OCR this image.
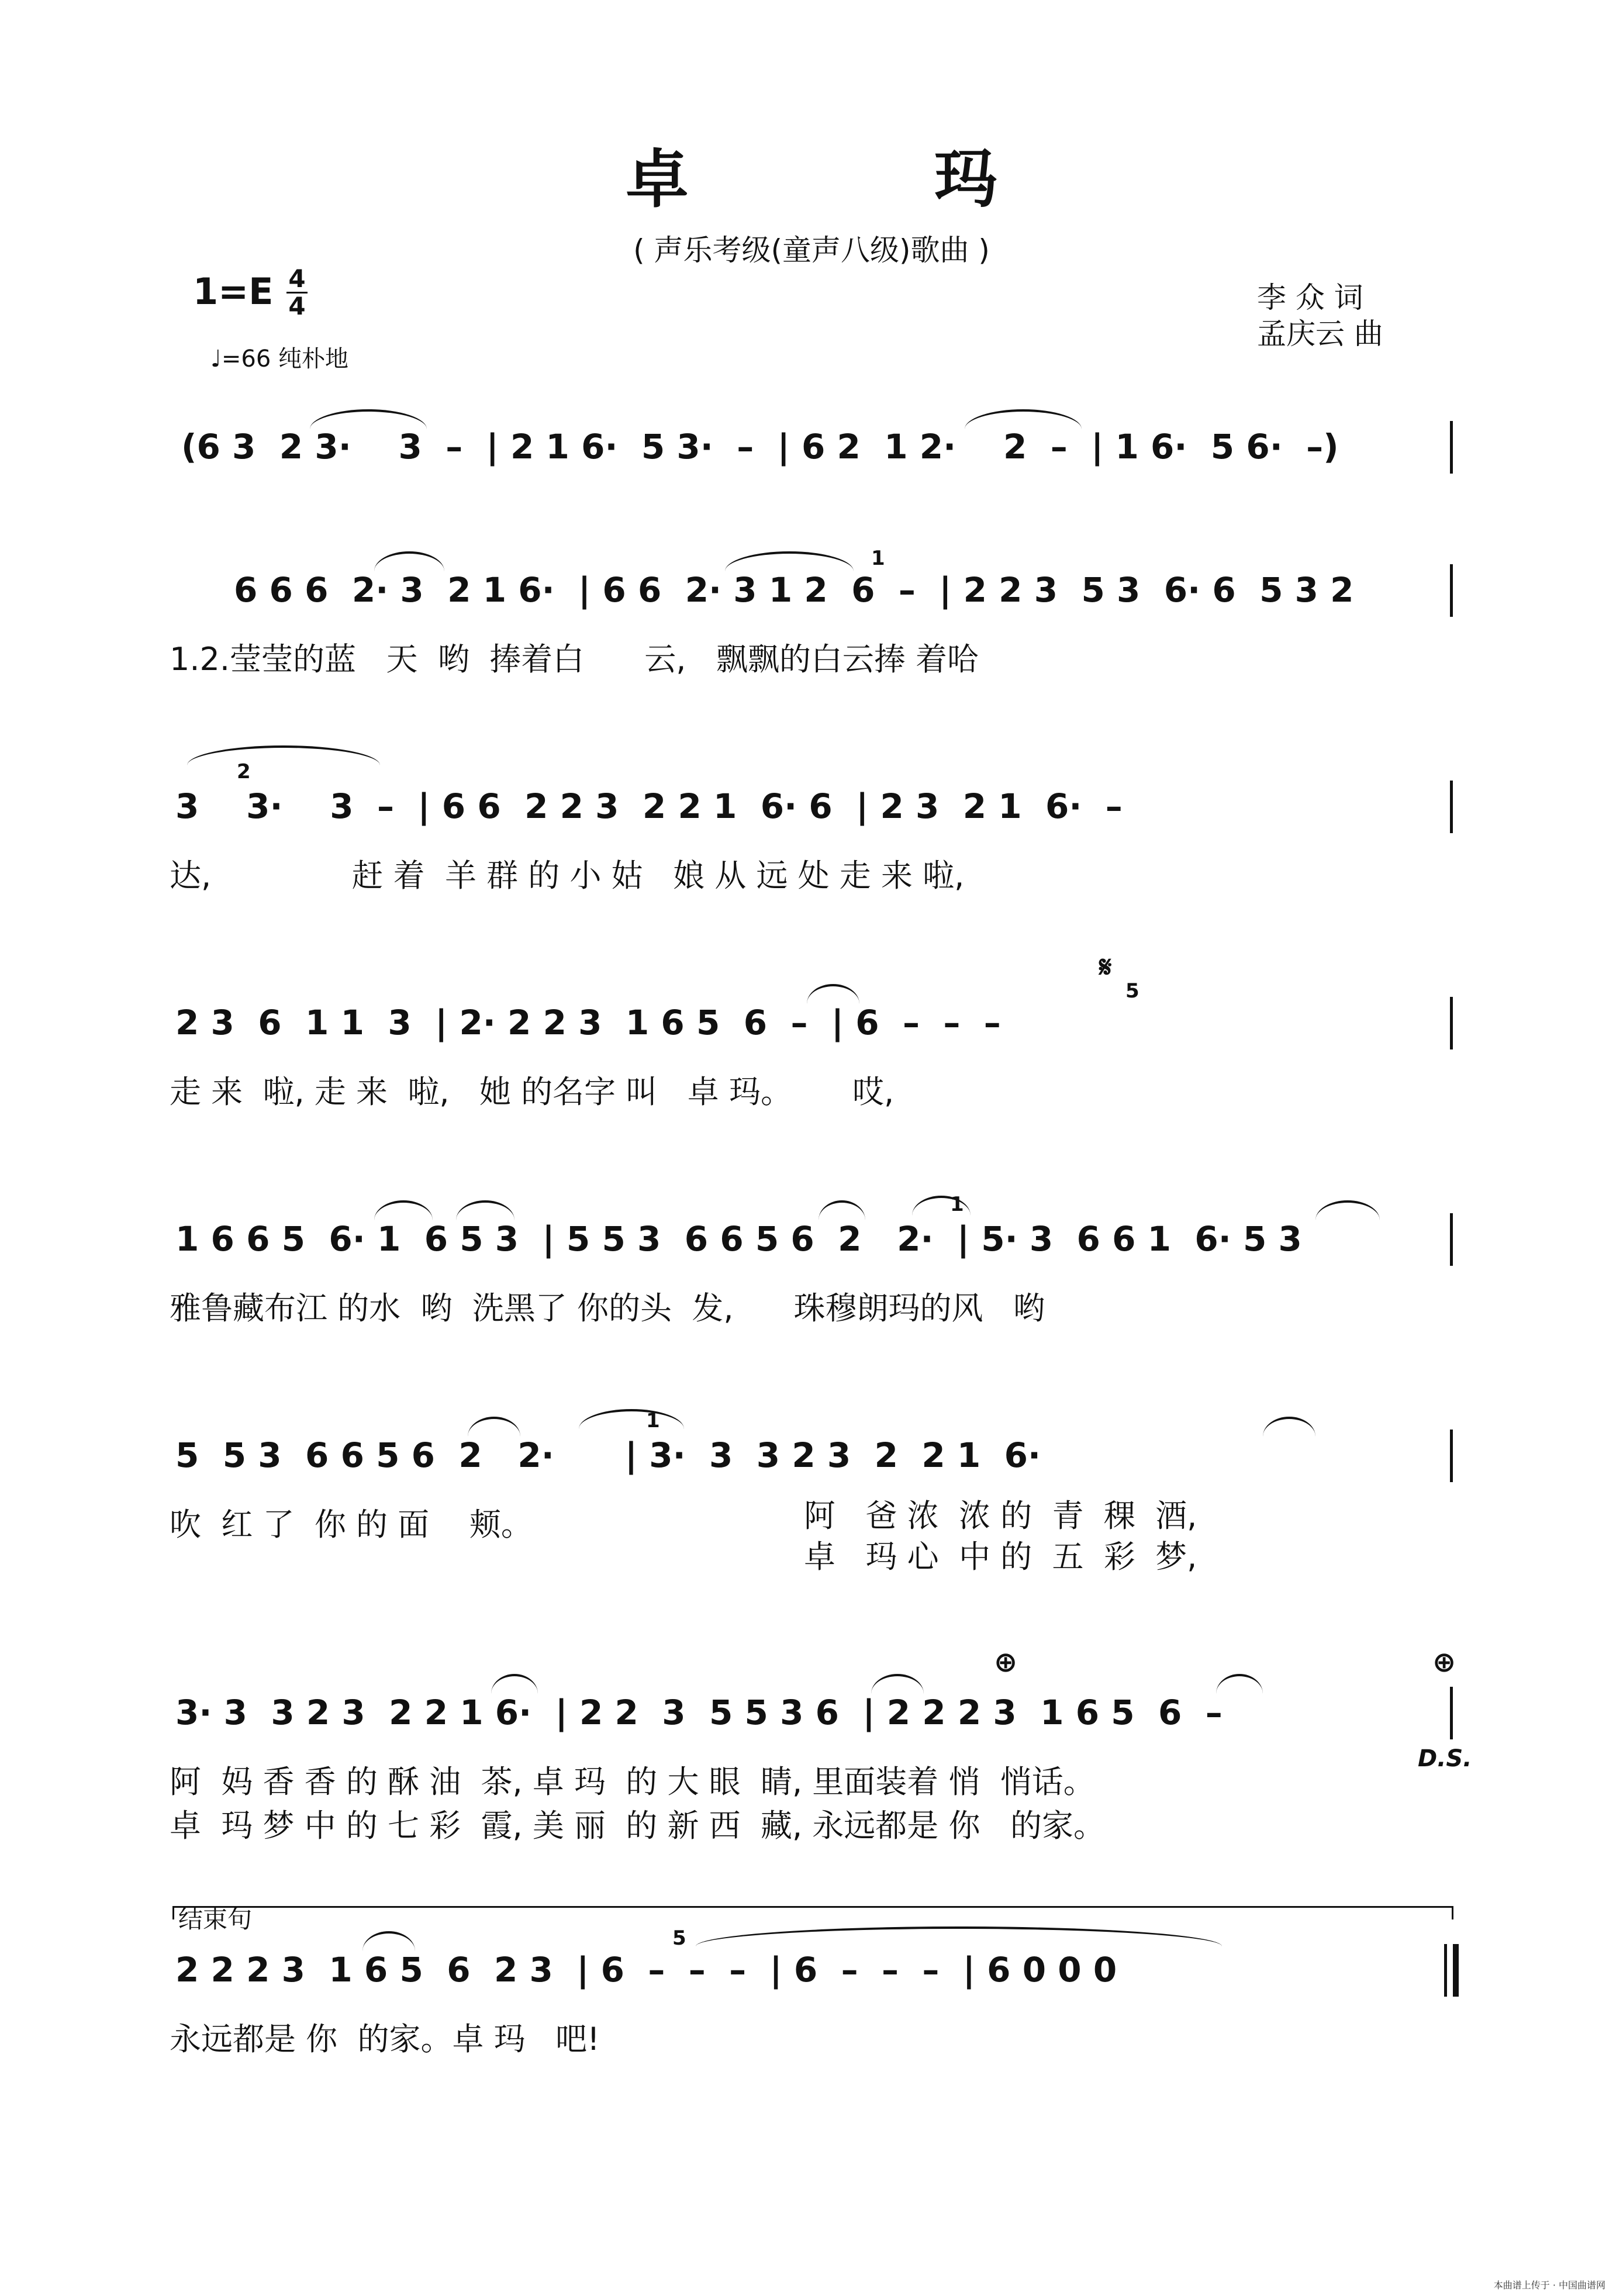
卓	玛
( 声乐考级(童声八级)歌曲 )
1=E 4
4
♩=66 纯朴地
李 众 词
孟庆云 曲
(6 3  2 3·    3  –  | 2 1 6·  5 3·  –  | 6 2  1 2·    2  –  | 1 6·  5 6·  –)
6 6 6  2· 3  2 1 6·  | 6 6  2· 3 1 2  6  –  | 2 2 3  5 3  6· 6  5 3 2
1
1.2.莹莹的蓝   天  哟  捧着白      云,   飘飘的白云捧 着哈
3    3·    3  –  | 6 6  2 2 3  2 2 1  6· 6  | 2 3  2 1  6·  –
2
达,              赶 着  羊 群 的 小 姑   娘 从 远 处 走 来 啦,
2 3  6  1 1  3  | 2· 2 2 3  1 6 5  6  –  | 6  –  –  –
𝄋
5
走 来  啦, 走 来  啦,   她 的名字 叫   卓 玛。      哎,
1 6 6 5  6· 1  6 5 3  | 5 5 3  6 6 5 6  2   2·  | 5· 3  6 6 1  6· 5 3
1
雅鲁藏布江 的水  哟  洗黑了 你的头  发,      珠穆朗玛的风   哟
5  5 3  6 6 5 6  2   2·      | 3·  3  3 2 3  2  2 1  6·
1
吹  红 了  你 的 面    颊。	阿   爸 浓  浓 的  青  稞  酒,
卓   玛 心  中 的  五  彩  梦,
3· 3  3 2 3  2 2 1 6·  | 2 2  3  5 5 3 6  | 2 2 2 3  1 6 5  6  –
⊕	⊕
D.S.
阿  妈 香 香 的 酥 油  茶, 卓 玛  的 大 眼  睛, 里面装着 悄  悄话。
卓  玛 梦 中 的 七 彩  霞, 美 丽  的 新 西  藏, 永远都是 你   的家。
结束句
2 2 2 3  1 6 5  6  2 3  | 6  –  –  –  | 6  –  –  –  | 6 0 0 0
5
永远都是 你  的家。卓 玛   吧!
本曲谱上传于 · 中国曲谱网
